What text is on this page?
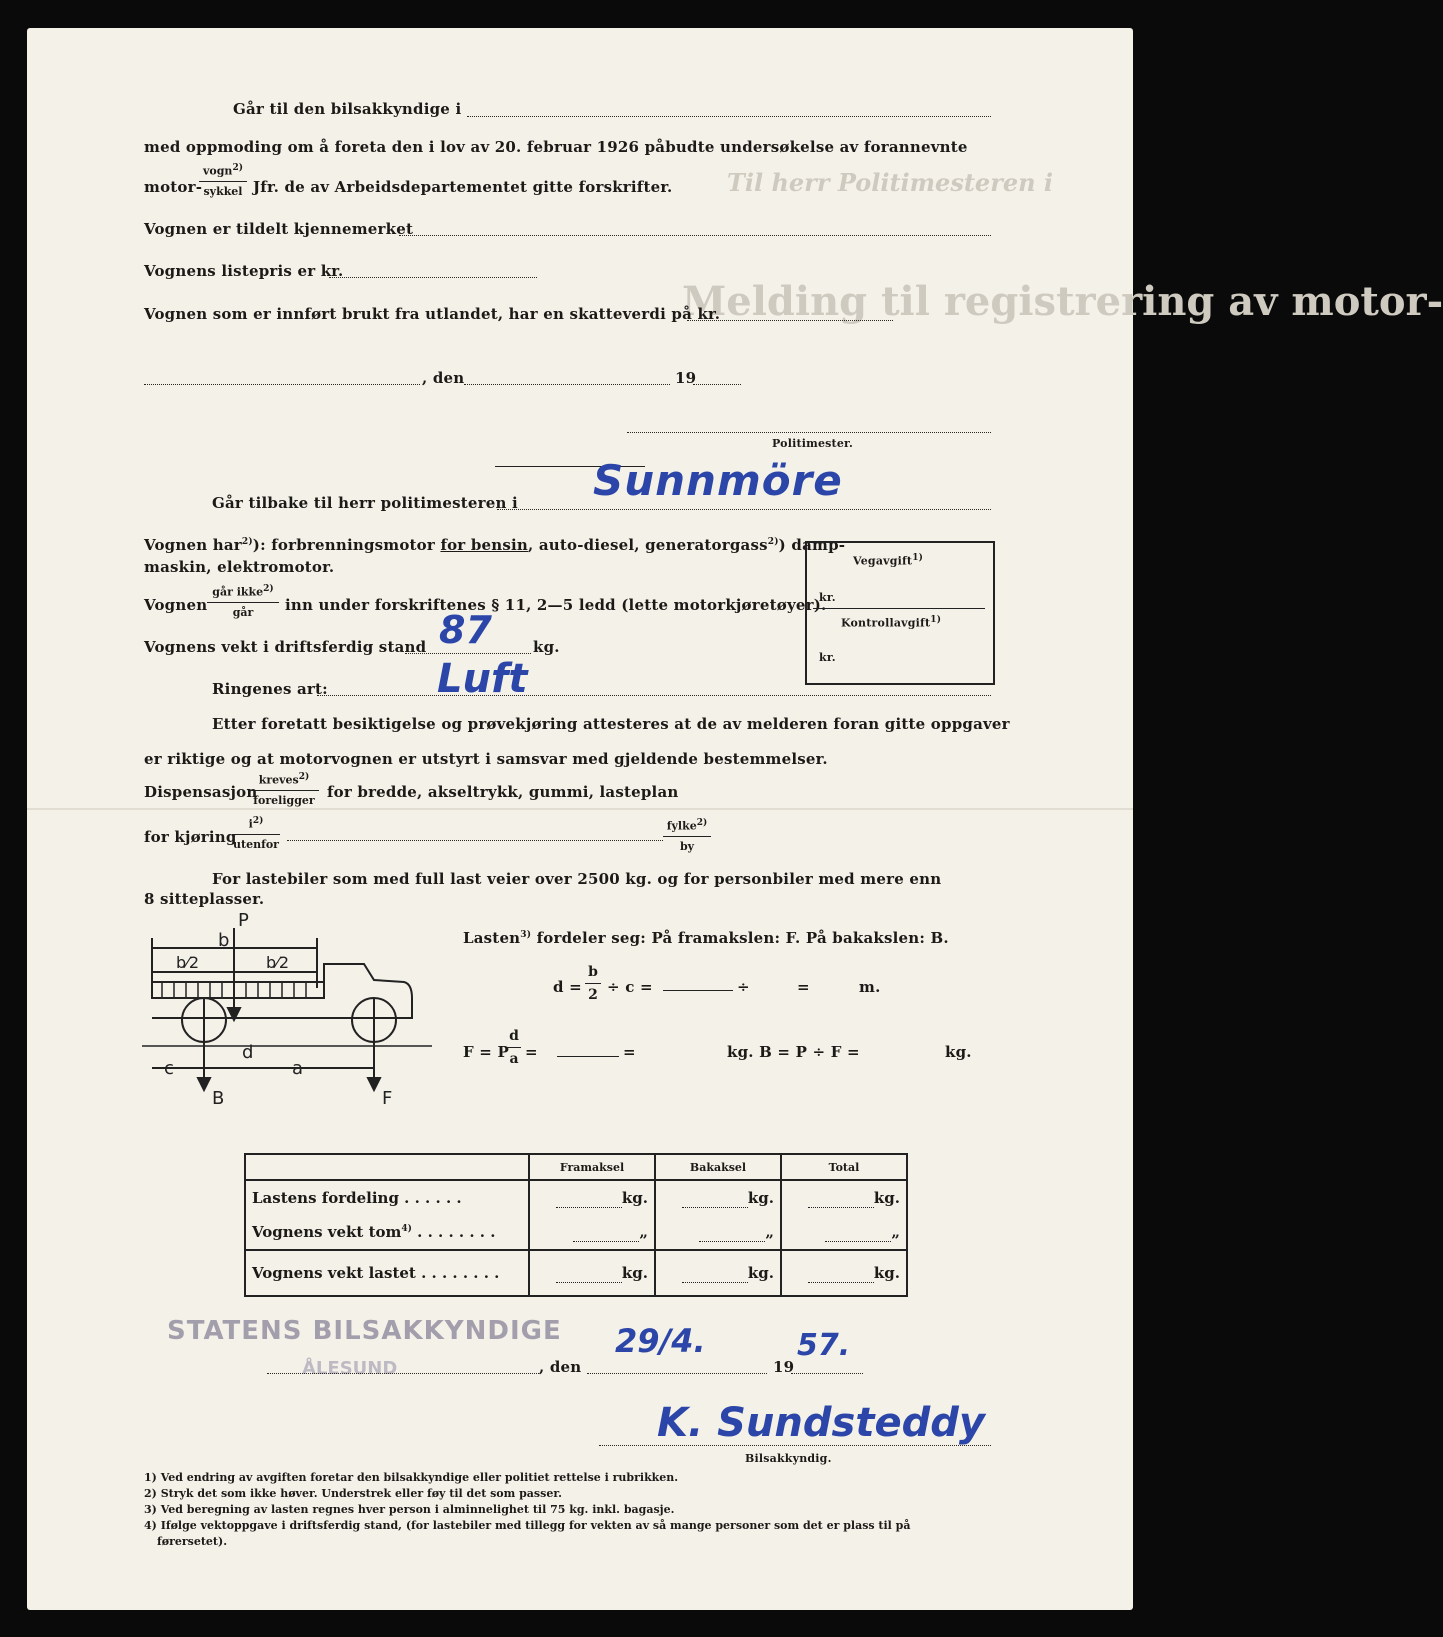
Melding til registrering av motor-
Til herr Politimesteren i
Går til den bilsakkyndige i
med oppmoding om å foreta den i lov av 20. februar 1926 påbudte undersøkelse av forannevnte
motor-
vogn$^{2)}$
sykkel Jfr. de av Arbeidsdepartementet gitte forskrifter.
Vognen er tildelt kjennemerket
Vognens listepris er kr.
Vognen som er innført brukt fra utlandet, har en skatteverdi på kr.
, den	19
Politimester.
Går tilbake til herr politimesteren i Sunnmöre
Vognen har$^{2)}$): forbrenningsmotor for bensin, auto-diesel, generatorgass$^{2)}$) damp-
maskin, elektromotor.
Vognen
går ikke$^{2)}$
går	inn under forskriftenes § 11, 2—5 ledd (lette motorkjøretøyer).
Vognens vekt i driftsferdig stand	kg.
87
Ringenes art:	Luft
Vegavgift$^{1)}$
kr.
Kontrollavgift$^{1)}$
kr.
Etter foretatt besiktigelse og prøvekjøring attesteres at de av melderen foran gitte oppgaver
er riktige og at motorvognen er utstyrt i samsvar med gjeldende bestemmelser.
Dispensasjon
kreves$^{2)}$
foreligger for bredde, akseltrykk, gummi, lasteplan
for kjøring
$i^{2)}$
utenfor
fylke$^{2)}$
by
For lastebiler som med full last veier over 2500 kg. og for personbiler med mere enn
8 sitteplasser.
P
b
b⁄2	b⁄2
c
d
a
B	F
Lasten$^{3)}$ fordeler seg: På framakslen: F. På bakakslen: B.
d =
b
2 ÷ c =	÷	=	m.
F = P
d
a =	=	kg. B = P ÷ F =	kg.
	Framaksel	Bakaksel	Total
Lastens fordeling . . . . . .	kg.	kg.	kg.
Vognens vekt tom$^{4)}$ . . . . . . . .	„	„	„
Vognens vekt lastet . . . . . . . .	kg.	kg.	kg.
STATENS BILSAKKYNDIGE
ÅLESUND	, den
29/4.
19
57.
K. Sundsteddy
Bilsakkyndig.
1) Ved endring av avgiften foretar den bilsakkyndige eller politiet rettelse i rubrikken.
2) Stryk det som ikke høver. Understrek eller føy til det som passer.
3) Ved beregning av lasten regnes hver person i alminnelighet til 75 kg. inkl. bagasje.
4) Ifølge vektoppgave i driftsferdig stand, (for lastebiler med tillegg for vekten av så mange personer som det er plass til på
førersetet).
